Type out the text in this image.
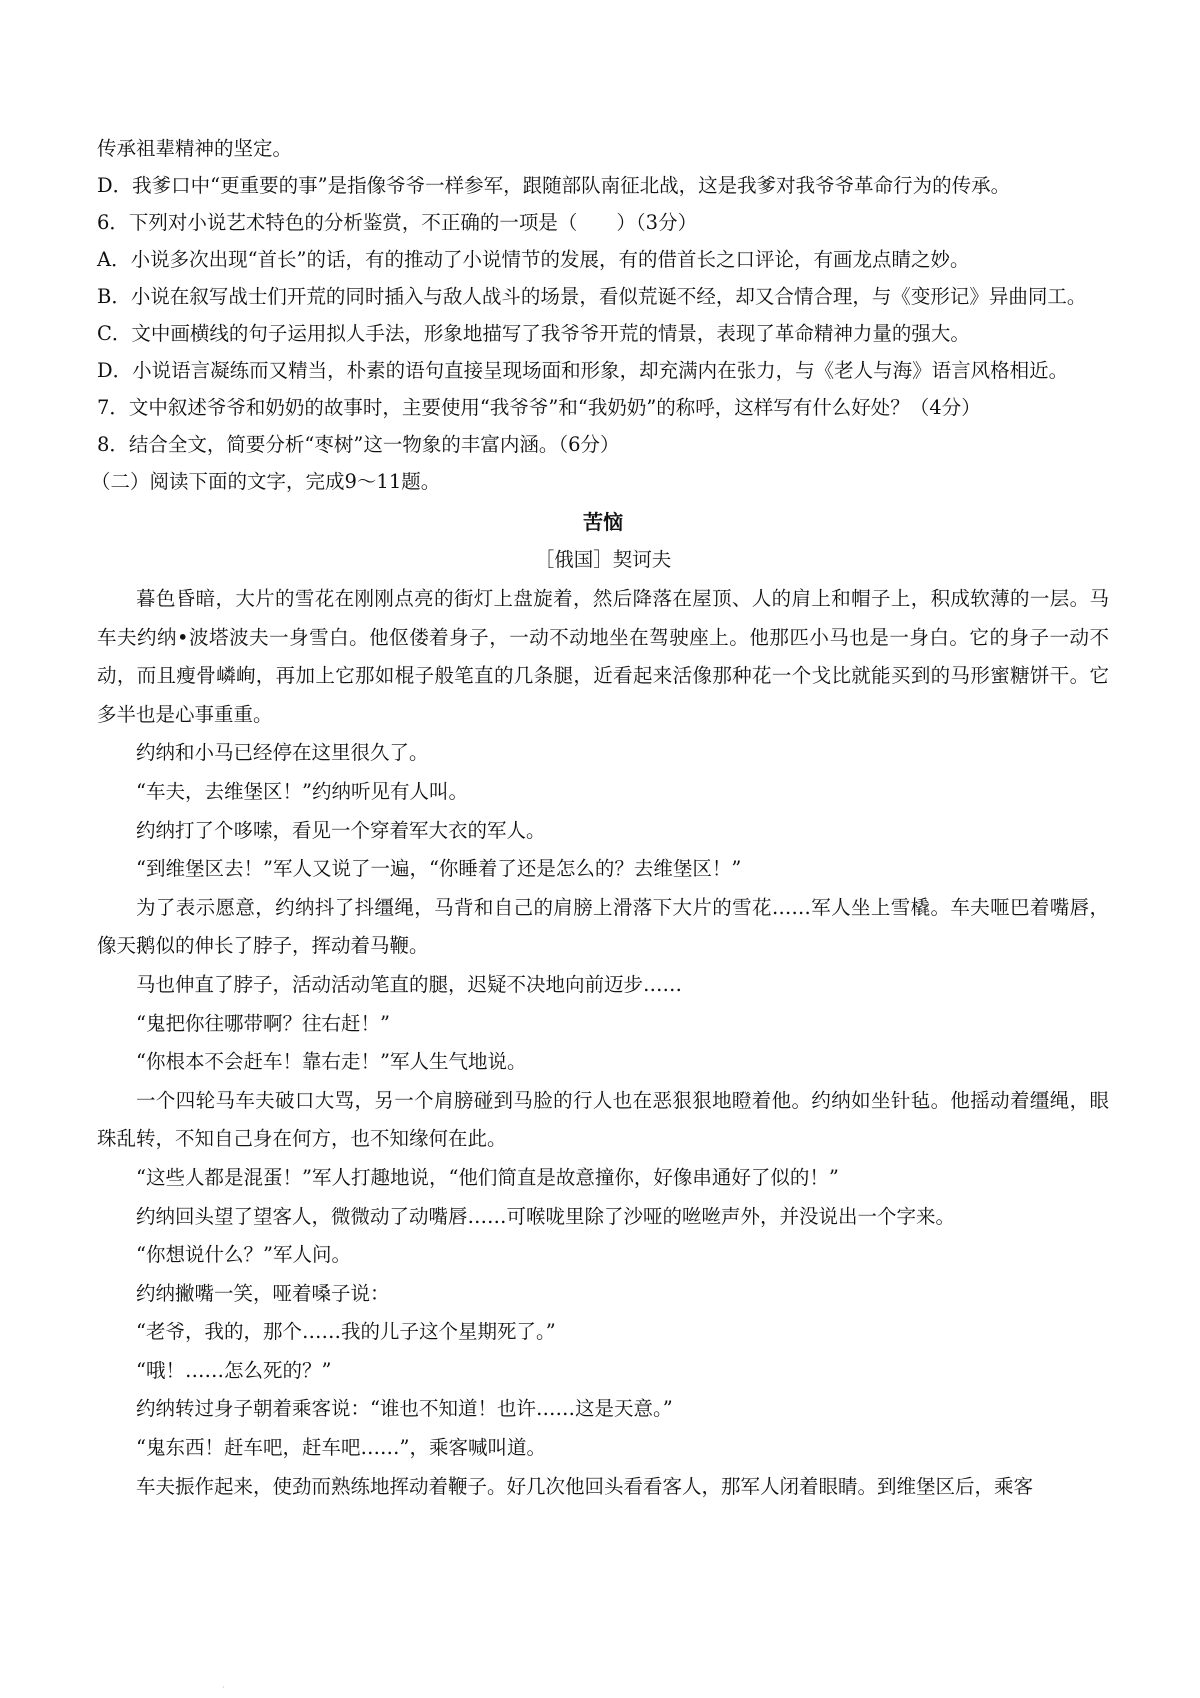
传承祖辈精神的坚定。

D．我爹口中“更重要的事”是指像爷爷一样参军，跟随部队南征北战，这是我爹对我爷爷革命行为的传承。

6．下列对小说艺术特色的分析鉴赏，不正确的一项是（　　）（3分）

A．小说多次出现“首长”的话，有的推动了小说情节的发展，有的借首长之口评论，有画龙点睛之妙。

B．小说在叙写战士们开荒的同时插入与敌人战斗的场景，看似荒诞不经，却又合情合理，与《变形记》异曲同工。

C．文中画横线的句子运用拟人手法，形象地描写了我爷爷开荒的情景，表现了革命精神力量的强大。

D．小说语言凝练而又精当，朴素的语句直接呈现场面和形象，却充满内在张力，与《老人与海》语言风格相近。

7．文中叙述爷爷和奶奶的故事时，主要使用“我爷爷”和“我奶奶”的称呼，这样写有什么好处？（4分）

8．结合全文，简要分析“枣树”这一物象的丰富内涵。（6分）

（二）阅读下面的文字，完成9～11题。

苦恼
［俄国］契诃夫

暮色昏暗，大片的雪花在刚刚点亮的街灯上盘旋着，然后降落在屋顶、人的肩上和帽子上，积成软薄的一层。马车夫约纳•波塔波夫一身雪白。他伛偻着身子，一动不动地坐在驾驶座上。他那匹小马也是一身白。它的身子一动不动，而且瘦骨嶙峋，再加上它那如棍子般笔直的几条腿，近看起来活像那种花一个戈比就能买到的马形蜜糖饼干。它多半也是心事重重。

约纳和小马已经停在这里很久了。

“车夫，去维堡区！”约纳听见有人叫。

约纳打了个哆嗦，看见一个穿着军大衣的军人。

“到维堡区去！”军人又说了一遍，“你睡着了还是怎么的？去维堡区！”

为了表示愿意，约纳抖了抖缰绳，马背和自己的肩膀上滑落下大片的雪花……军人坐上雪橇。车夫咂巴着嘴唇，像天鹅似的伸长了脖子，挥动着马鞭。

马也伸直了脖子，活动活动笔直的腿，迟疑不决地向前迈步……

“鬼把你往哪带啊？往右赶！”

“你根本不会赶车！靠右走！”军人生气地说。

一个四轮马车夫破口大骂，另一个肩膀碰到马脸的行人也在恶狠狠地瞪着他。约纳如坐针毡。他摇动着缰绳，眼珠乱转，不知自己身在何方，也不知缘何在此。

“这些人都是混蛋！”军人打趣地说，“他们简直是故意撞你，好像串通好了似的！”

约纳回头望了望客人，微微动了动嘴唇……可喉咙里除了沙哑的咝咝声外，并没说出一个字来。

“你想说什么？”军人问。

约纳撇嘴一笑，哑着嗓子说：

“老爷，我的，那个……我的儿子这个星期死了。”

“哦！……怎么死的？”

约纳转过身子朝着乘客说：“谁也不知道！也许……这是天意。”

“鬼东西！赶车吧，赶车吧……”，乘客喊叫道。

车夫振作起来，使劲而熟练地挥动着鞭子。好几次他回头看看客人，那军人闭着眼睛。到维堡区后，乘客

·
